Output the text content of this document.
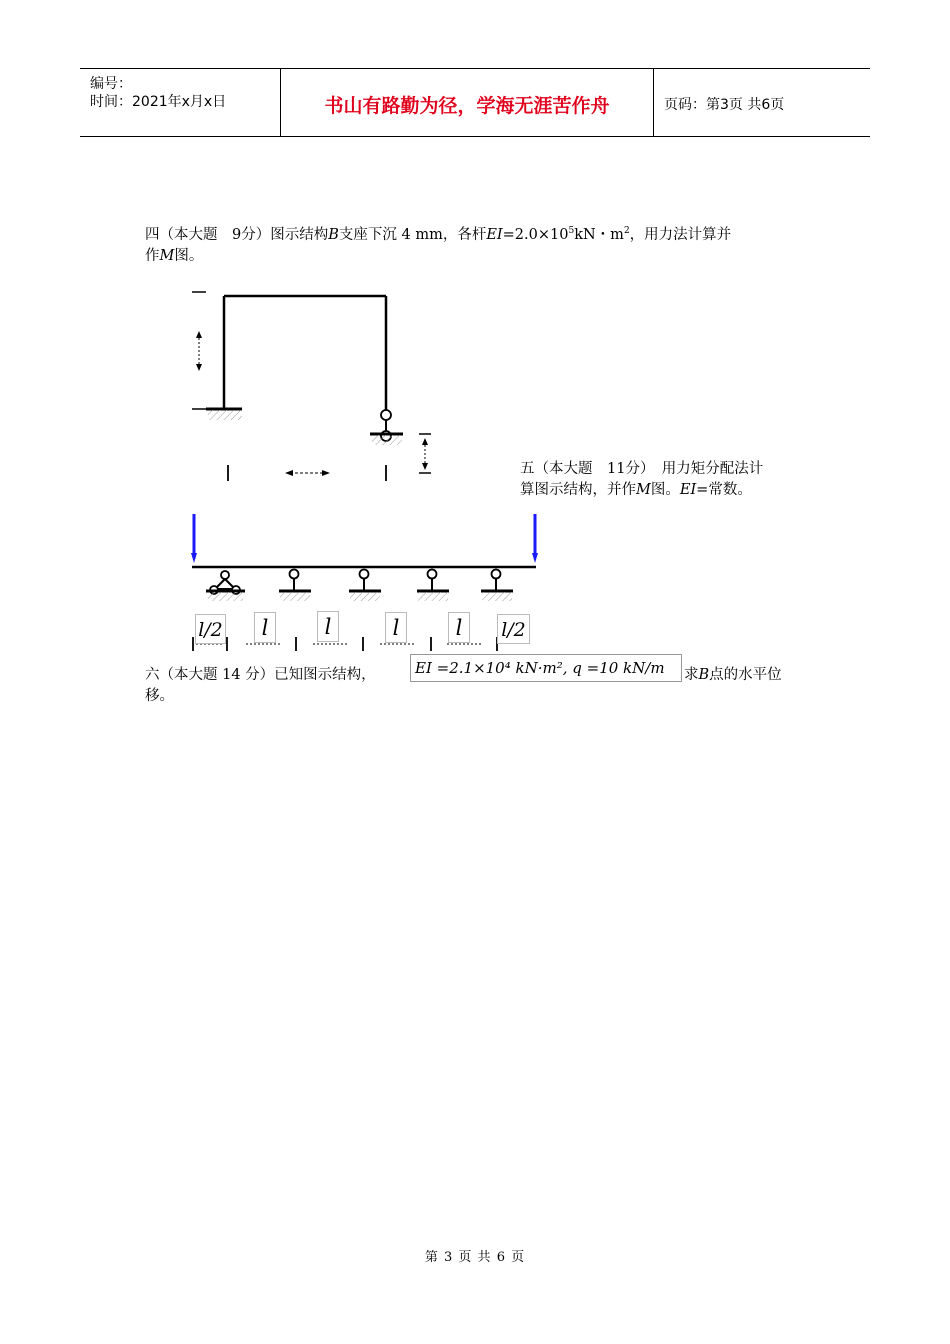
编号：
时间：2021年x月x日	书山有路勤为径，学海无涯苦作舟	页码：第3页 共6页
四（本大题　9分）图示结构B支座下沉 4 mm，各杆$EI=2.0\times 10^5kN$・$m^2$，用力法计算并
作M图。
五（本大题　11分）　用力矩分配法计
算图示结构，并作M图。EI=常数。
l/2	l	l	l	l	l/2
六（本大题 14 分）已知图示结构，	EI =2.1×10⁴ kN·m², q =10 kN/m	求B点的水平位
移。
第 3 页 共 6 页
